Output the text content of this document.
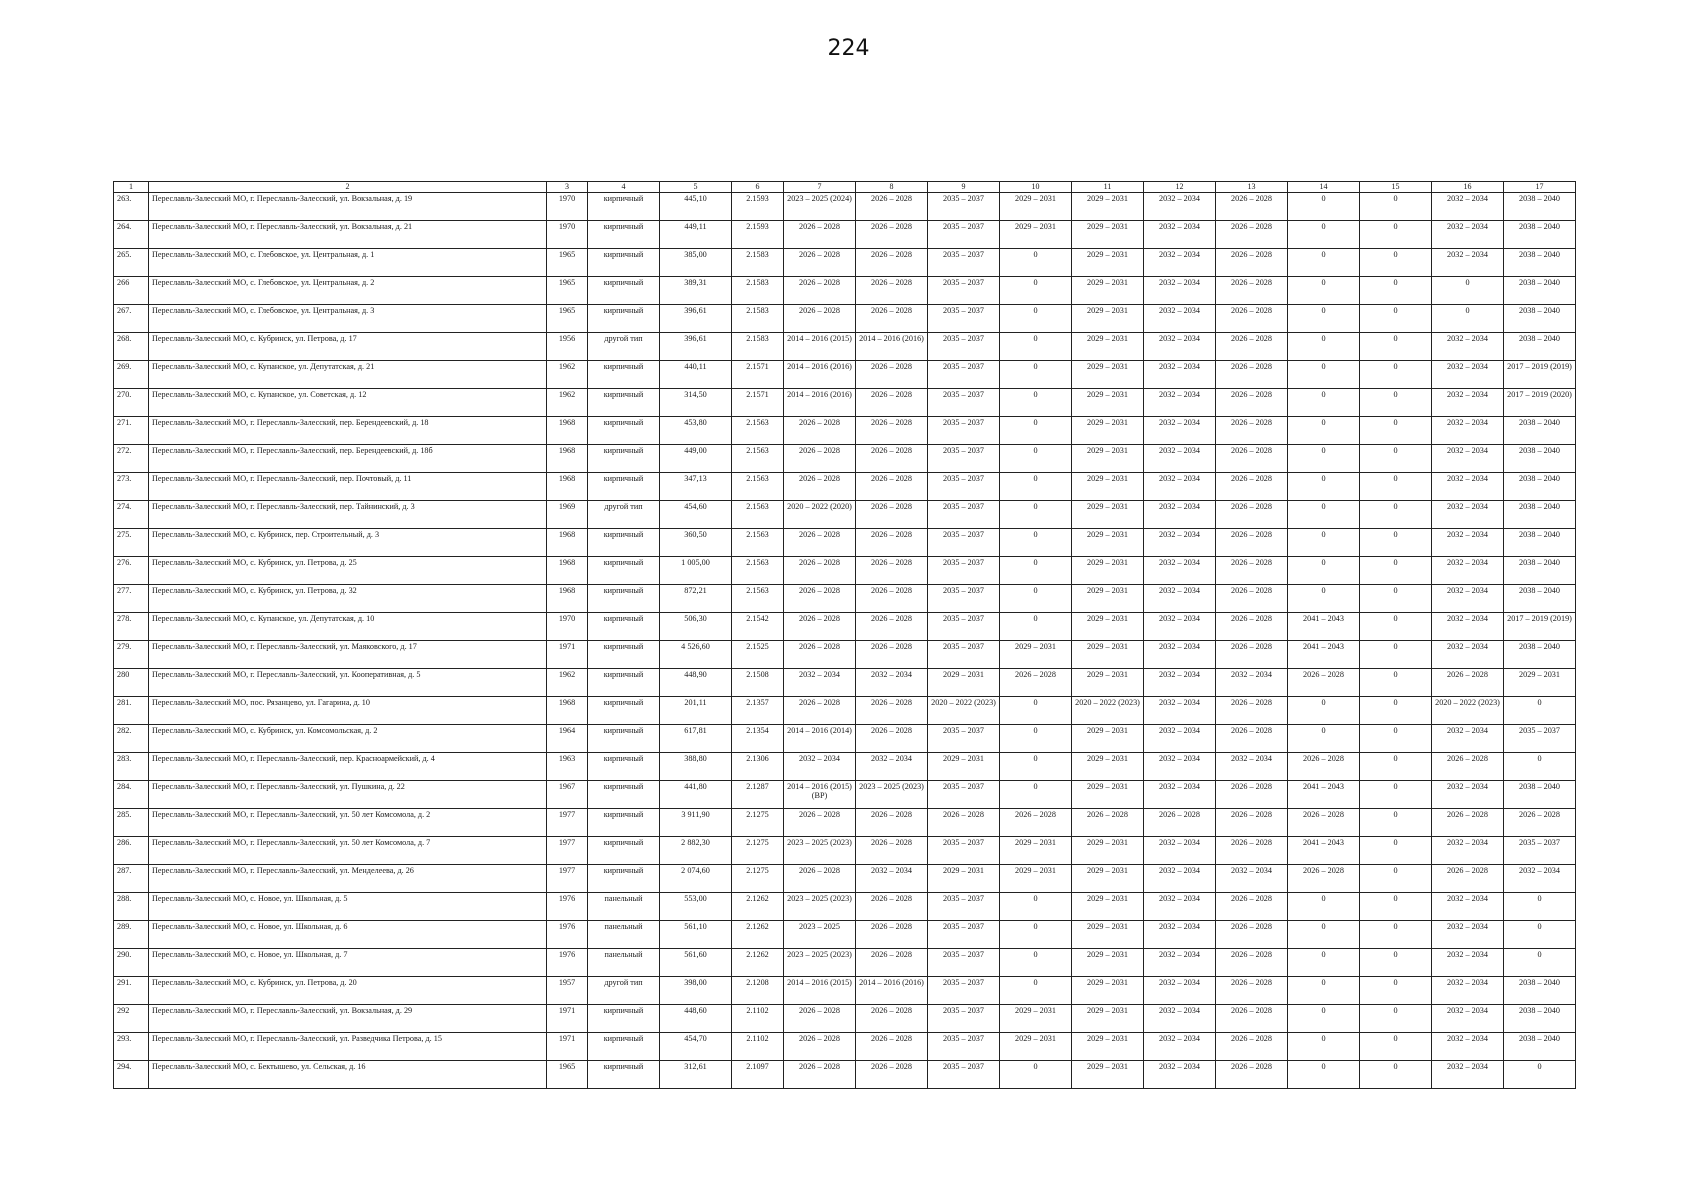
224
1	2	3	4	5	6	7	8	9	10	11	12	13	14	15	16	17
263.	Переславль-Залесский МО, г. Переславль-Залесский, ул. Вокзальная, д. 19	1970	кирпичный	445,10	2.1593	2023 – 2025 (2024)	2026 – 2028	2035 – 2037	2029 – 2031	2029 – 2031	2032 – 2034	2026 – 2028	0	0	2032 – 2034	2038 – 2040
264.	Переславль-Залесский МО, г. Переславль-Залесский, ул. Вокзальная, д. 21	1970	кирпичный	449,11	2.1593	2026 – 2028	2026 – 2028	2035 – 2037	2029 – 2031	2029 – 2031	2032 – 2034	2026 – 2028	0	0	2032 – 2034	2038 – 2040
265.	Переславль-Залесский МО, с. Глебовское, ул. Центральная, д. 1	1965	кирпичный	385,00	2.1583	2026 – 2028	2026 – 2028	2035 – 2037	0	2029 – 2031	2032 – 2034	2026 – 2028	0	0	2032 – 2034	2038 – 2040
266	Переславль-Залесский МО, с. Глебовское, ул. Центральная, д. 2	1965	кирпичный	389,31	2.1583	2026 – 2028	2026 – 2028	2035 – 2037	0	2029 – 2031	2032 – 2034	2026 – 2028	0	0	0	2038 – 2040
267.	Переславль-Залесский МО, с. Глебовское, ул. Центральная, д. 3	1965	кирпичный	396,61	2.1583	2026 – 2028	2026 – 2028	2035 – 2037	0	2029 – 2031	2032 – 2034	2026 – 2028	0	0	0	2038 – 2040
268.	Переславль-Залесский МО, с. Кубринск, ул. Петрова, д. 17	1956	другой тип	396,61	2.1583	2014 – 2016 (2015)	2014 – 2016 (2016)	2035 – 2037	0	2029 – 2031	2032 – 2034	2026 – 2028	0	0	2032 – 2034	2038 – 2040
269.	Переславль-Залесский МО, с. Купанское, ул. Депутатская, д. 21	1962	кирпичный	440,11	2.1571	2014 – 2016 (2016)	2026 – 2028	2035 – 2037	0	2029 – 2031	2032 – 2034	2026 – 2028	0	0	2032 – 2034	2017 – 2019 (2019)
270.	Переславль-Залесский МО, с. Купанское, ул. Советская, д. 12	1962	кирпичный	314,50	2.1571	2014 – 2016 (2016)	2026 – 2028	2035 – 2037	0	2029 – 2031	2032 – 2034	2026 – 2028	0	0	2032 – 2034	2017 – 2019 (2020)
271.	Переславль-Залесский МО, г. Переславль-Залесский, пер. Берендеевский, д. 18	1968	кирпичный	453,80	2.1563	2026 – 2028	2026 – 2028	2035 – 2037	0	2029 – 2031	2032 – 2034	2026 – 2028	0	0	2032 – 2034	2038 – 2040
272.	Переславль-Залесский МО, г. Переславль-Залесский, пер. Берендеевский, д. 18б	1968	кирпичный	449,00	2.1563	2026 – 2028	2026 – 2028	2035 – 2037	0	2029 – 2031	2032 – 2034	2026 – 2028	0	0	2032 – 2034	2038 – 2040
273.	Переславль-Залесский МО, г. Переславль-Залесский, пер. Почтовый, д. 11	1968	кирпичный	347,13	2.1563	2026 – 2028	2026 – 2028	2035 – 2037	0	2029 – 2031	2032 – 2034	2026 – 2028	0	0	2032 – 2034	2038 – 2040
274.	Переславль-Залесский МО, г. Переславль-Залесский, пер. Тайнинский, д. 3	1969	другой тип	454,60	2.1563	2020 – 2022 (2020)	2026 – 2028	2035 – 2037	0	2029 – 2031	2032 – 2034	2026 – 2028	0	0	2032 – 2034	2038 – 2040
275.	Переславль-Залесский МО, с. Кубринск, пер. Строительный, д. 3	1968	кирпичный	360,50	2.1563	2026 – 2028	2026 – 2028	2035 – 2037	0	2029 – 2031	2032 – 2034	2026 – 2028	0	0	2032 – 2034	2038 – 2040
276.	Переславль-Залесский МО, с. Кубринск, ул. Петрова, д. 25	1968	кирпичный	1 005,00	2.1563	2026 – 2028	2026 – 2028	2035 – 2037	0	2029 – 2031	2032 – 2034	2026 – 2028	0	0	2032 – 2034	2038 – 2040
277.	Переславль-Залесский МО, с. Кубринск, ул. Петрова, д. 32	1968	кирпичный	872,21	2.1563	2026 – 2028	2026 – 2028	2035 – 2037	0	2029 – 2031	2032 – 2034	2026 – 2028	0	0	2032 – 2034	2038 – 2040
278.	Переславль-Залесский МО, с. Купанское, ул. Депутатская, д. 10	1970	кирпичный	506,30	2.1542	2026 – 2028	2026 – 2028	2035 – 2037	0	2029 – 2031	2032 – 2034	2026 – 2028	2041 – 2043	0	2032 – 2034	2017 – 2019 (2019)
279.	Переславль-Залесский МО, г. Переславль-Залесский, ул. Маяковского, д. 17	1971	кирпичный	4 526,60	2.1525	2026 – 2028	2026 – 2028	2035 – 2037	2029 – 2031	2029 – 2031	2032 – 2034	2026 – 2028	2041 – 2043	0	2032 – 2034	2038 – 2040
280	Переславль-Залесский МО, г. Переславль-Залесский, ул. Кооперативная, д. 5	1962	кирпичный	448,90	2.1508	2032 – 2034	2032 – 2034	2029 – 2031	2026 – 2028	2029 – 2031	2032 – 2034	2032 – 2034	2026 – 2028	0	2026 – 2028	2029 – 2031
281.	Переславль-Залесский МО, пос. Рязанцево, ул. Гагарина, д. 10	1968	кирпичный	201,11	2.1357	2026 – 2028	2026 – 2028	2020 – 2022 (2023)	0	2020 – 2022 (2023)	2032 – 2034	2026 – 2028	0	0	2020 – 2022 (2023)	0
282.	Переславль-Залесский МО, с. Кубринск, ул. Комсомольская, д. 2	1964	кирпичный	617,81	2.1354	2014 – 2016 (2014)	2026 – 2028	2035 – 2037	0	2029 – 2031	2032 – 2034	2026 – 2028	0	0	2032 – 2034	2035 – 2037
283.	Переславль-Залесский МО, г. Переславль-Залесский, пер. Красноармейский, д. 4	1963	кирпичный	388,80	2.1306	2032 – 2034	2032 – 2034	2029 – 2031	0	2029 – 2031	2032 – 2034	2032 – 2034	2026 – 2028	0	2026 – 2028	0
284.	Переславль-Залесский МО, г. Переславль-Залесский, ул. Пушкина, д. 22	1967	кирпичный	441,80	2.1287	2014 – 2016 (2015) (ВР)	2023 – 2025 (2023)	2035 – 2037	0	2029 – 2031	2032 – 2034	2026 – 2028	2041 – 2043	0	2032 – 2034	2038 – 2040
285.	Переславль-Залесский МО, г. Переславль-Залесский, ул. 50 лет Комсомола, д. 2	1977	кирпичный	3 911,90	2.1275	2026 – 2028	2026 – 2028	2026 – 2028	2026 – 2028	2026 – 2028	2026 – 2028	2026 – 2028	2026 – 2028	0	2026 – 2028	2026 – 2028
286.	Переславль-Залесский МО, г. Переславль-Залесский, ул. 50 лет Комсомола, д. 7	1977	кирпичный	2 882,30	2.1275	2023 – 2025 (2023)	2026 – 2028	2035 – 2037	2029 – 2031	2029 – 2031	2032 – 2034	2026 – 2028	2041 – 2043	0	2032 – 2034	2035 – 2037
287.	Переславль-Залесский МО, г. Переславль-Залесский, ул. Менделеева, д. 26	1977	кирпичный	2 074,60	2.1275	2026 – 2028	2032 – 2034	2029 – 2031	2029 – 2031	2029 – 2031	2032 – 2034	2032 – 2034	2026 – 2028	0	2026 – 2028	2032 – 2034
288.	Переславль-Залесский МО, с. Новое, ул. Школьная, д. 5	1976	панельный	553,00	2.1262	2023 – 2025 (2023)	2026 – 2028	2035 – 2037	0	2029 – 2031	2032 – 2034	2026 – 2028	0	0	2032 – 2034	0
289.	Переславль-Залесский МО, с. Новое, ул. Школьная, д. 6	1976	панельный	561,10	2.1262	2023 – 2025	2026 – 2028	2035 – 2037	0	2029 – 2031	2032 – 2034	2026 – 2028	0	0	2032 – 2034	0
290.	Переславль-Залесский МО, с. Новое, ул. Школьная, д. 7	1976	панельный	561,60	2.1262	2023 – 2025 (2023)	2026 – 2028	2035 – 2037	0	2029 – 2031	2032 – 2034	2026 – 2028	0	0	2032 – 2034	0
291.	Переславль-Залесский МО, с. Кубринск, ул. Петрова, д. 20	1957	другой тип	398,00	2.1208	2014 – 2016 (2015)	2014 – 2016 (2016)	2035 – 2037	0	2029 – 2031	2032 – 2034	2026 – 2028	0	0	2032 – 2034	2038 – 2040
292	Переславль-Залесский МО, г. Переславль-Залесский, ул. Вокзальная, д. 29	1971	кирпичный	448,60	2.1102	2026 – 2028	2026 – 2028	2035 – 2037	2029 – 2031	2029 – 2031	2032 – 2034	2026 – 2028	0	0	2032 – 2034	2038 – 2040
293.	Переславль-Залесский МО, г. Переславль-Залесский, ул. Разведчика Петрова, д. 15	1971	кирпичный	454,70	2.1102	2026 – 2028	2026 – 2028	2035 – 2037	2029 – 2031	2029 – 2031	2032 – 2034	2026 – 2028	0	0	2032 – 2034	2038 – 2040
294.	Переславль-Залесский МО, с. Бектышево, ул. Сельская, д. 16	1965	кирпичный	312,61	2.1097	2026 – 2028	2026 – 2028	2035 – 2037	0	2029 – 2031	2032 – 2034	2026 – 2028	0	0	2032 – 2034	0
